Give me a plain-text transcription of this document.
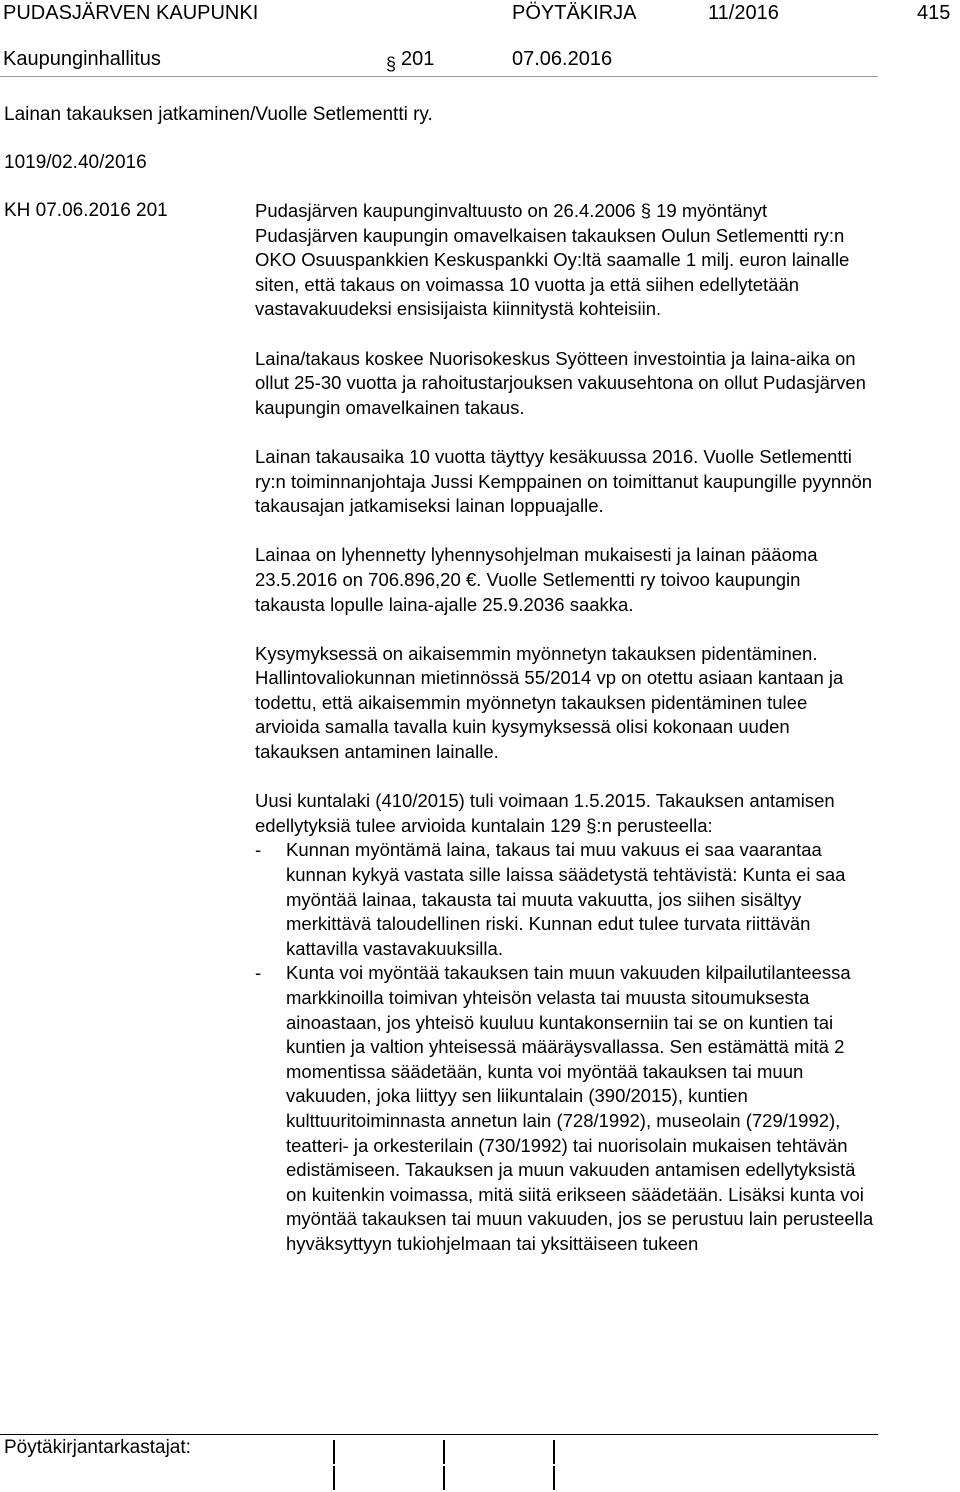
PUDASJÄRVEN KAUPUNKI	PÖYTÄKIRJA	11/2016	415
Kaupunginhallitus	201	07.06.2016
§
Lainan takauksen jatkaminen/Vuolle Setlementti ry.
1019/02.40/2016
KH 07.06.2016 201	Pudasjärven kaupunginvaltuusto on 26.4.2006 § 19 myöntänyt Pudasjärven kaupungin omavelkaisen takauksen Oulun Setlementti ry:n OKO Osuuspankkien Keskuspankki Oy:ltä saamalle 1 milj. euron lainalle siten, että takaus on voimassa 10 vuotta ja että siihen edellytetään vastavakuudeksi ensisijaista kiinnitystä kohteisiin.

Laina/takaus koskee Nuorisokeskus Syötteen investointia ja laina-aika on ollut 25-30 vuotta ja rahoitustarjouksen vakuusehtona on ollut Pudasjärven kaupungin omavelkainen takaus.

Lainan takausaika 10 vuotta täyttyy kesäkuussa 2016. Vuolle Setlementti ry:n toiminnanjohtaja Jussi Kemppainen on toimittanut kaupungille pyynnön takausajan jatkamiseksi lainan loppuajalle.

Lainaa on lyhennetty lyhennysohjelman mukaisesti ja lainan pääoma 23.5.2016 on 706.896,20 €. Vuolle Setlementti ry toivoo kaupungin takausta lopulle laina-ajalle 25.9.2036 saakka.

Kysymyksessä on aikaisemmin myönnetyn takauksen pidentäminen. Hallintovaliokunnan mietinnössä 55/2014 vp on otettu asiaan kantaan ja todettu, että aikaisemmin myönnetyn takauksen pidentäminen tulee arvioida samalla tavalla kuin kysymyksessä olisi kokonaan uuden takauksen antaminen lainalle.

Uusi kuntalaki (410/2015) tuli voimaan 1.5.2015. Takauksen antamisen edellytyksiä tulee arvioida kuntalain 129 §:n perusteella:

- Kunnan myöntämä laina, takaus tai muu vakuus ei saa vaarantaa kunnan kykyä vastata sille laissa säädetystä tehtävistä: Kunta ei saa myöntää lainaa, takausta tai muuta vakuutta, jos siihen sisältyy merkittävä taloudellinen riski. Kunnan edut tulee turvata riittävän kattavilla vastavakuuksilla.
- Kunta voi myöntää takauksen tain muun vakuuden kilpailutilanteessa markkinoilla toimivan yhteisön velasta tai muusta sitoumuksesta ainoastaan, jos yhteisö kuuluu kuntakonserniin tai se on kuntien tai kuntien ja valtion yhteisessä määräysvallassa. Sen estämättä mitä 2 momentissa säädetään, kunta voi myöntää takauksen tai muun vakuuden, joka liittyy sen liikuntalain (390/2015), kuntien kulttuuritoiminnasta annetun lain (728/1992), museolain (729/1992), teatteri- ja orkesterilain (730/1992) tai nuorisolain mukaisen tehtävän edistämiseen. Takauksen ja muun vakuuden antamisen edellytyksistä on kuitenkin voimassa, mitä siitä erikseen säädetään. Lisäksi kunta voi myöntää takauksen tai muun vakuuden, jos se perustuu lain perusteella hyväksyttyyn tukiohjelmaan tai yksittäiseen tukeen
Pöytäkirjantarkastajat:
